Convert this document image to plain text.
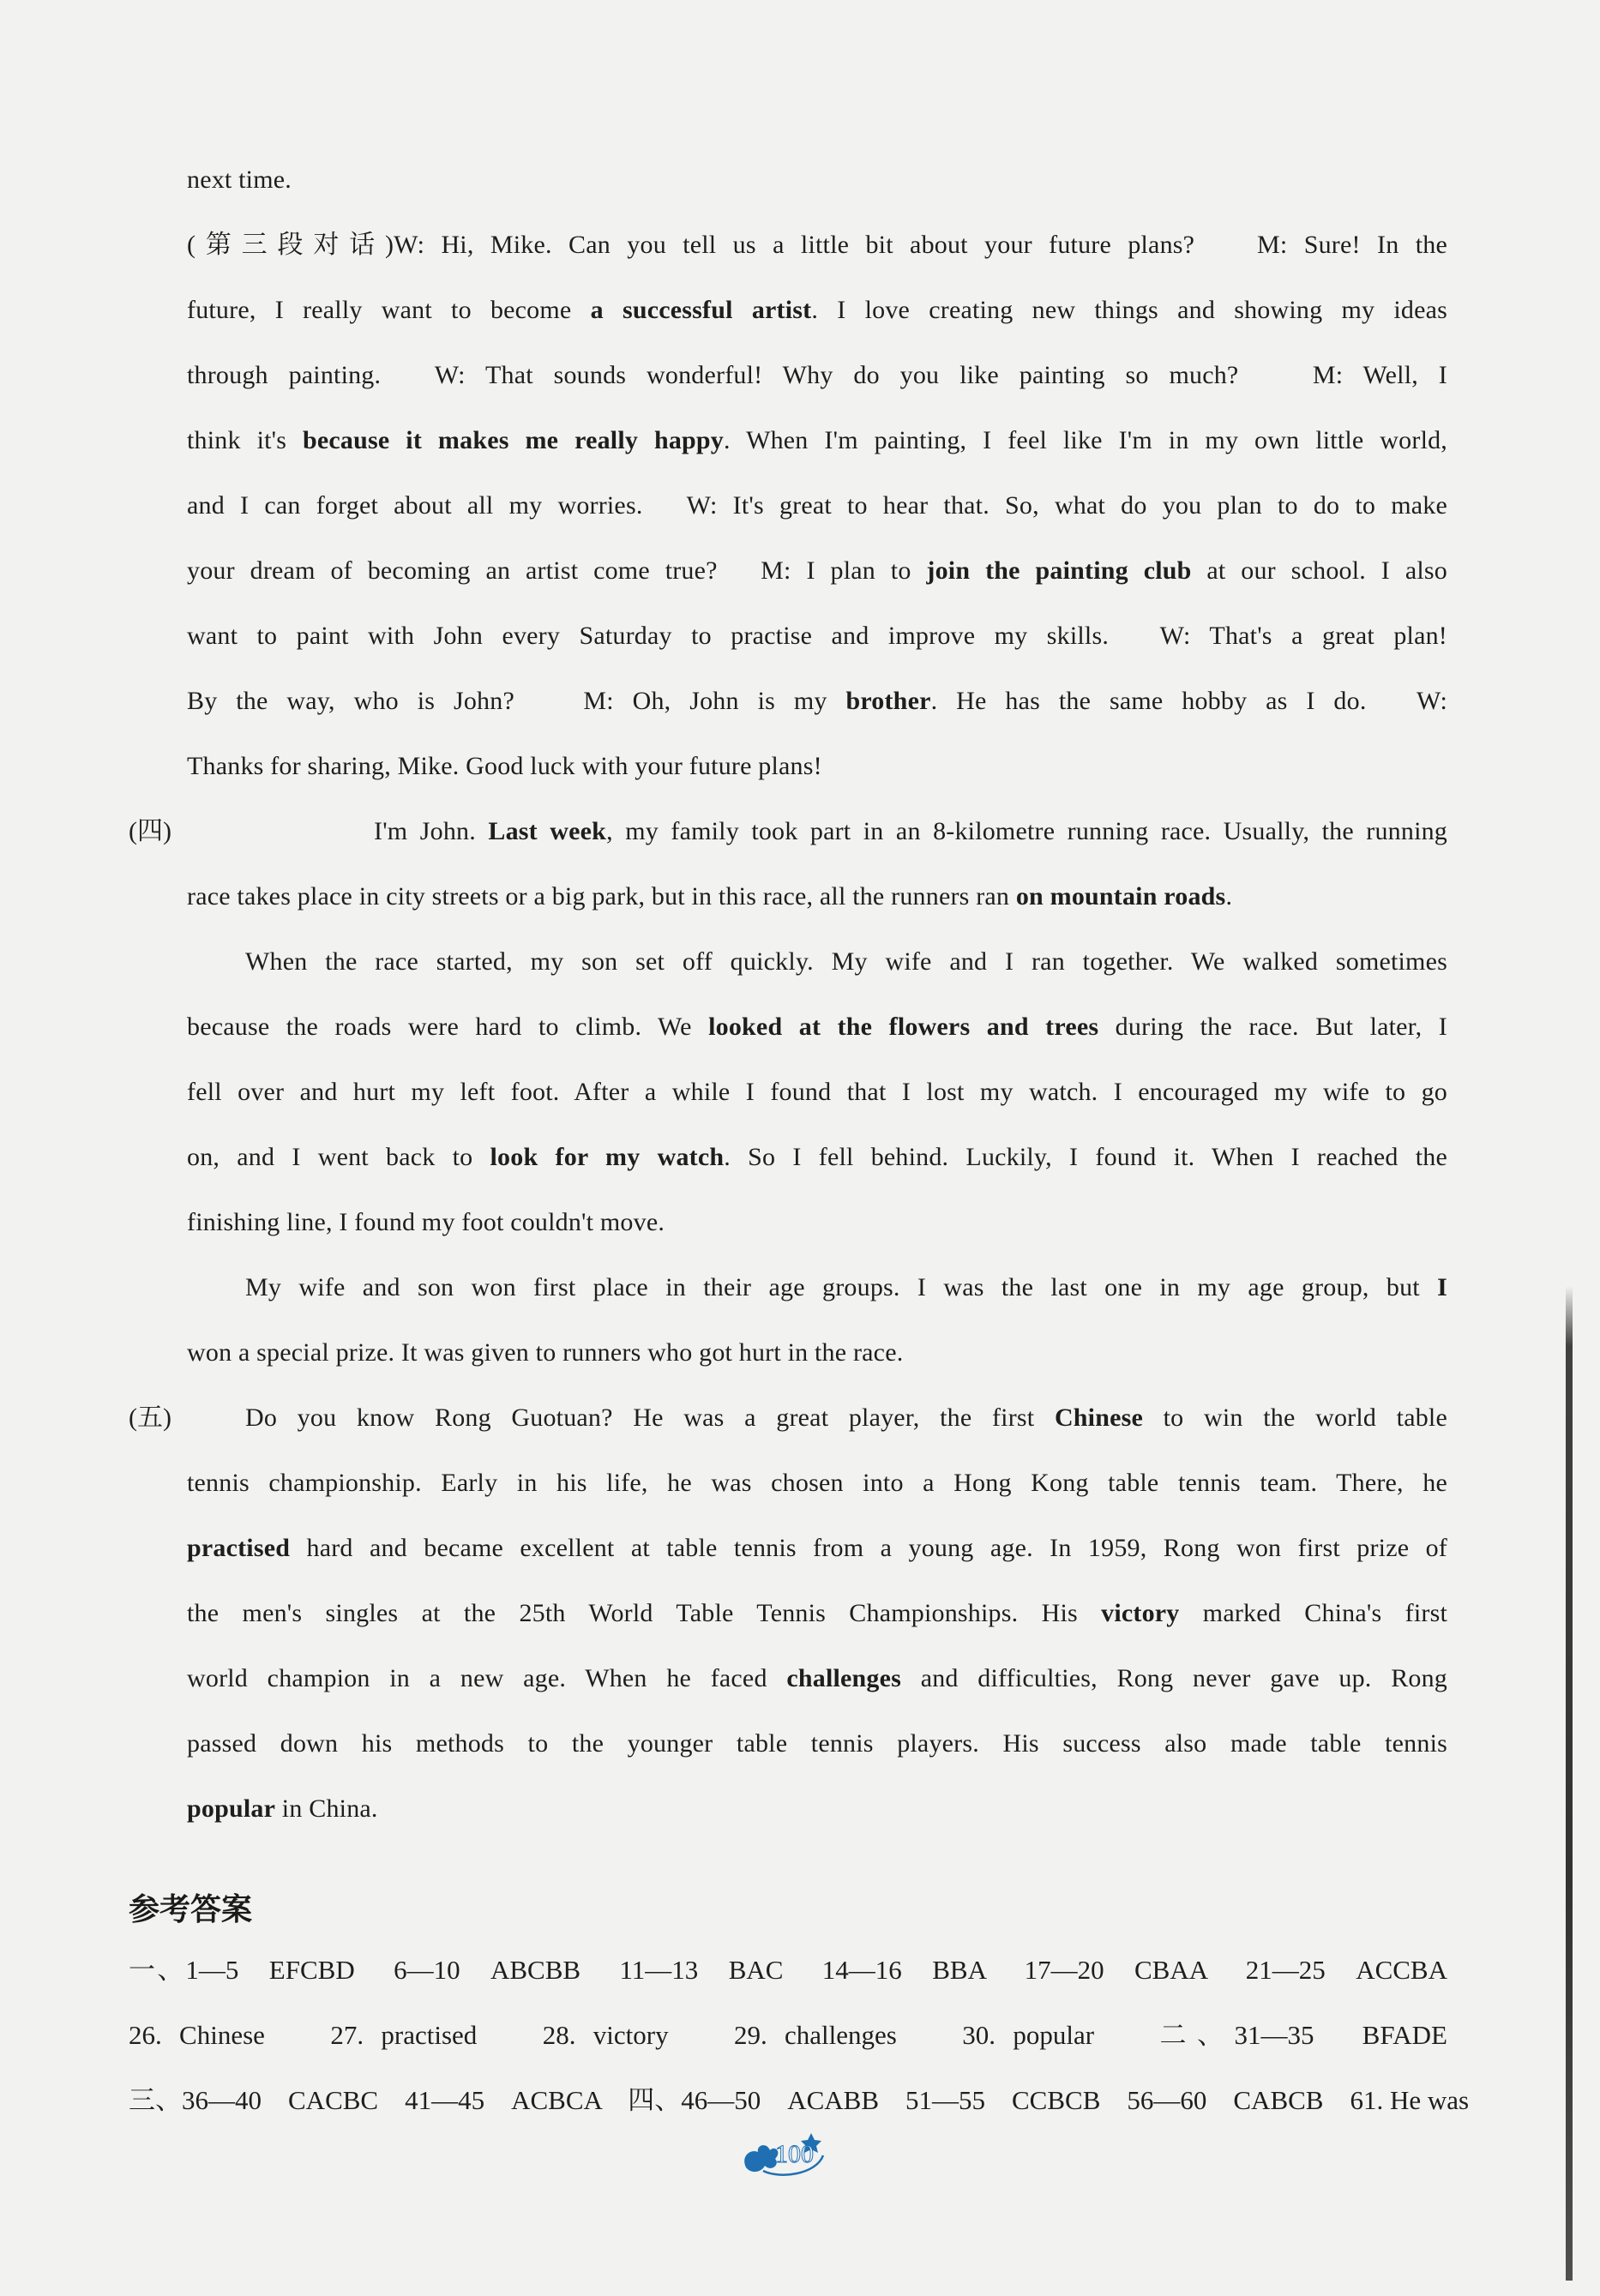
next time.
(第三段对话)W: Hi, Mike. Can you tell us a little bit about your future plans?　 M: Sure! In the
future, I really want to become a successful artist. I love creating new things and showing my ideas
through painting.　W: That sounds wonderful! Why do you like painting so much?　 M: Well, I
think it's because it makes me really happy. When I'm painting, I feel like I'm in my own little world,
and I can forget about all my worries.　W: It's great to hear that. So, what do you plan to do to make
your dream of becoming an artist come true?　M: I plan to join the painting club at our school. I also
want to paint with John every Saturday to practise and improve my skills.　W: That's a great plan!
By the way, who is John?　 M: Oh, John is my brother. He has the same hobby as I do.　W:
Thanks for sharing, Mike. Good luck with your future plans!
(四)	I'm John. Last week, my family took part in an 8-kilometre running race. Usually, the running
race takes place in city streets or a big park, but in this race, all the runners ran on mountain roads.
When the race started, my son set off quickly. My wife and I ran together. We walked sometimes
because the roads were hard to climb. We looked at the flowers and trees during the race. But later, I
fell over and hurt my left foot. After a while I found that I lost my watch. I encouraged my wife to go
on, and I went back to look for my watch. So I fell behind. Luckily, I found it. When I reached the
finishing line, I found my foot couldn't move.
My wife and son won first place in their age groups. I was the last one in my age group, but I
won a special prize. It was given to runners who got hurt in the race.
(五)	Do you know Rong Guotuan? He was a great player, the first Chinese to win the world table
tennis championship. Early in his life, he was chosen into a Hong Kong table tennis team. There, he
practised hard and became excellent at table tennis from a young age. In 1959, Rong won first prize of
the men's singles at the 25th World Table Tennis Championships. His victory marked China's first
world champion in a new age. When he faced challenges and difficulties, Rong never gave up. Rong
passed down his methods to the younger table tennis players. His success also made table tennis
popular in China.
参考答案
一、1—5　EFCBD　 6—10　ABCBB　 11—13　BAC　 14—16　BBA　 17—20　CBAA　 21—25　ACCBA
26. Chinese　 27. practised　 28. victory　 29. challenges　 30. popular　 二、31—35　BFADE
三、36—40　CACBC　41—45　ACBCA　四、46—50　ACABB　51—55　CCBCB　56—60　CABCB　61. He was
100
